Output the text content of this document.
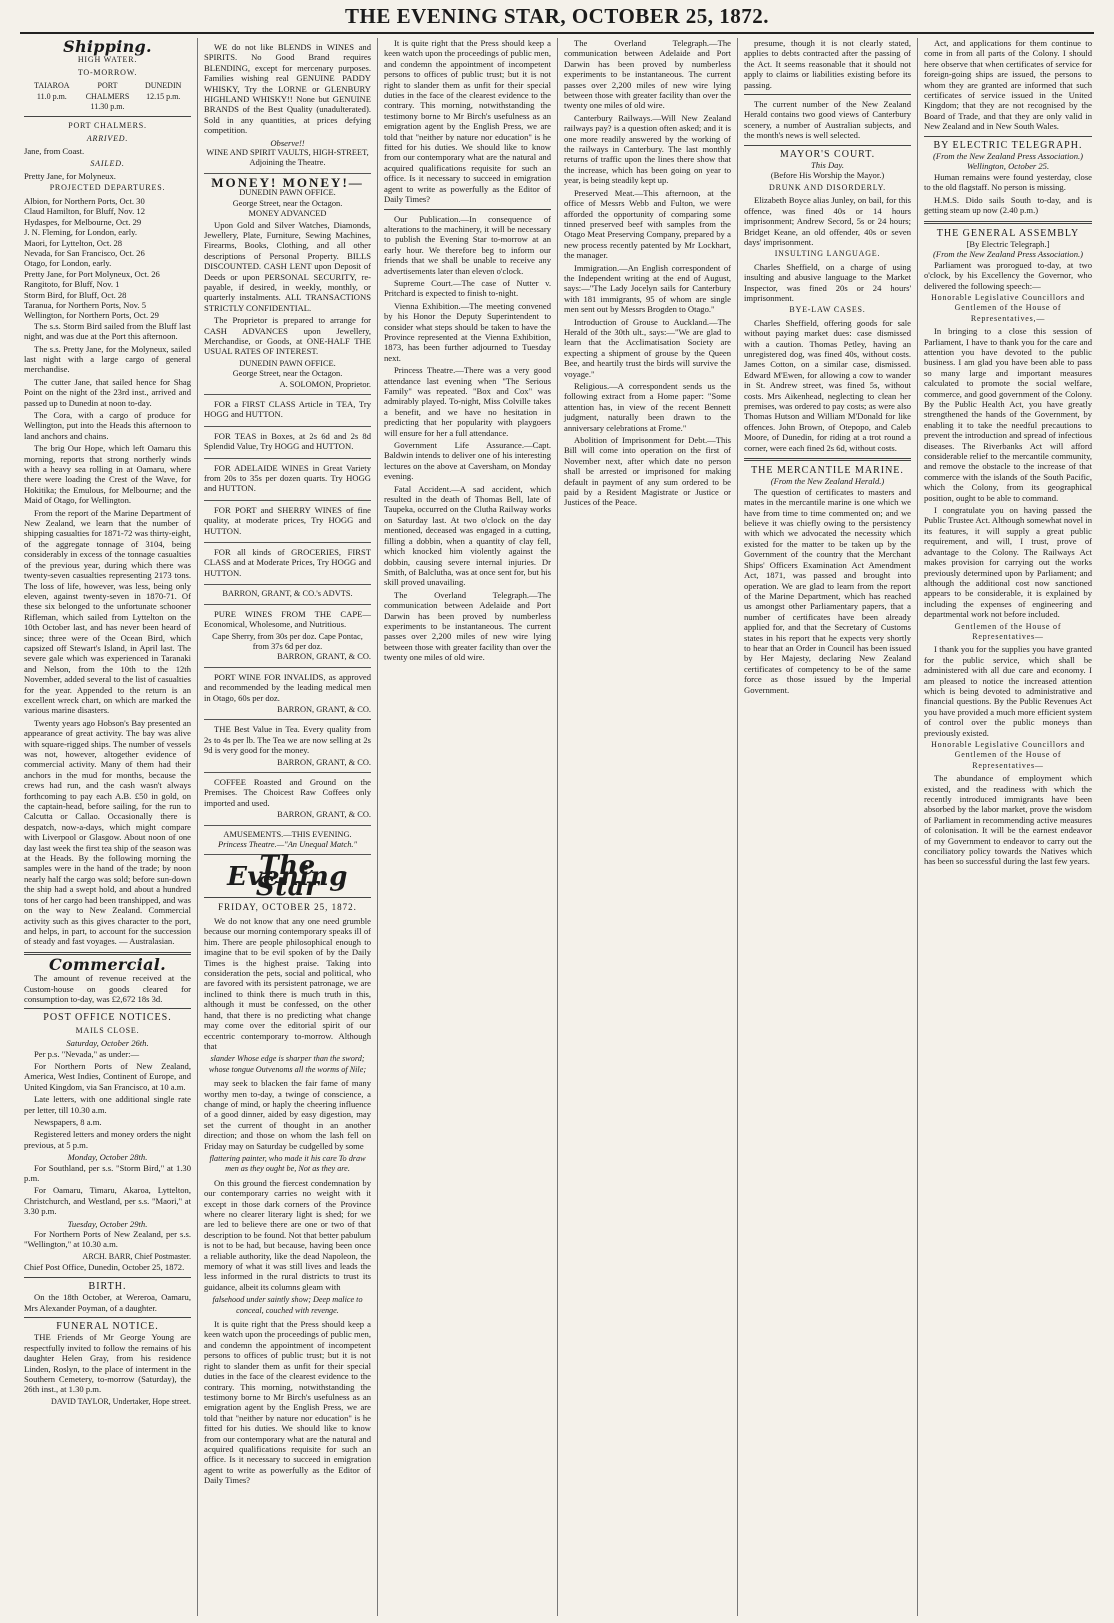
THE EVENING STAR, OCTOBER 25, 1872.
Shipping.
HIGH WATER.
TO-MORROW.
TAIAROA
11.0 p.m.
PORT CHALMERS
11.30 p.m.
DUNEDIN
12.15 p.m.
PORT CHALMERS.
ARRIVED.
Jane, from Coast.
SAILED.
Pretty Jane, for Molyneux.
PROJECTED DEPARTURES.
Albion, for Northern Ports, Oct. 30
Claud Hamilton, for Bluff, Nov. 12
Hydaspes, for Melbourne, Oct. 29
J. N. Fleming, for London, early.
Maori, for Lyttelton, Oct. 28
Nevada, for San Francisco, Oct. 26
Otago, for London, early.
Pretty Jane, for Port Molyneux, Oct. 26
Rangitoto, for Bluff, Nov. 1
Storm Bird, for Bluff, Oct. 28
Taranua, for Northern Ports, Nov. 5
Wellington, for Northern Ports, Oct. 29
The s.s. Storm Bird sailed from the Bluff last night, and was due at the Port this afternoon.
The s.s. Pretty Jane, for the Molyneux, sailed last night with a large cargo of general merchandise.
The cutter Jane, that sailed hence for Shag Point on the night of the 23rd inst., arrived and passed up to Dunedin at noon to-day.
The Cora, with a cargo of produce for Wellington, put into the Heads this afternoon to land anchors and chains.
The brig Our Hope, which left Oamaru this morning, reports that strong northerly winds with a heavy sea rolling in at Oamaru, where there were loading the Crest of the Wave, for Hokitika; the Emulous, for Melbourne; and the Maid of Otago, for Wellington.
From the report of the Marine Department of New Zealand, we learn that the number of shipping casualties for 1871-72 was thirty-eight, of the aggregate tonnage of 3104, being considerably in excess of the tonnage casualties of the previous year, during which there was twenty-seven casualties representing 2173 tons. The loss of life, however, was less, being only eleven, against twenty-seven in 1870-71. Of these six belonged to the unfortunate schooner Rifleman, which sailed from Lyttelton on the 10th October last, and has never been heard of since; three were of the Ocean Bird, which capsized off Stewart's Island, in April last. The severe gale which was experienced in Taranaki and Nelson, from the 10th to the 12th November, added several to the list of casualties for the year. Appended to the return is an excellent wreck chart, on which are marked the various marine disasters.
Twenty years ago Hobson's Bay presented an appearance of great activity. The bay was alive with square-rigged ships. The number of vessels was not, however, altogether evidence of commercial activity. Many of them had their anchors in the mud for months, because the crews had run, and the cash wasn't always forthcoming to pay each A.B. £50 in gold, on the captain-head, before sailing, for the run to Calcutta or Callao. Occasionally there is despatch, now-a-days, which might compare with Liverpool or Glasgow. About noon of one day last week the first tea ship of the season was at the Heads. By the following morning the samples were in the hand of the trade; by noon nearly half the cargo was sold; before sun-down the ship had a swept hold, and about a hundred tons of her cargo had been transhipped, and was on the way to New Zealand. Commercial activity such as this gives character to the port, and helps, in part, to account for the succession of steady and fast voyages. — Australasian.
Commercial.
The amount of revenue received at the Custom-house on goods cleared for consumption to-day, was £2,672 18s 3d.
POST OFFICE NOTICES.
MAILS CLOSE.
Saturday, October 26th.
Per p.s. "Nevada," as under:—
For Northern Ports of New Zealand, America, West Indies, Continent of Europe, and United Kingdom, via San Francisco, at 10 a.m.
Late letters, with one additional single rate per letter, till 10.30 a.m.
Newspapers, 8 a.m.
Registered letters and money orders the night previous, at 5 p.m.
Monday, October 28th.
For Southland, per s.s. "Storm Bird," at 1.30 p.m.
For Oamaru, Timaru, Akaroa, Lyttelton, Christchurch, and Westland, per s.s. "Maori," at 3.30 p.m.
Tuesday, October 29th.
For Northern Ports of New Zealand, per s.s. "Wellington," at 10.30 a.m.
ARCH. BARR, Chief Postmaster.
Chief Post Office, Dunedin, October 25, 1872.
BIRTH.
On the 18th October, at Wereroa, Oamaru, Mrs Alexander Poyman, of a daughter.
FUNERAL NOTICE.
THE Friends of Mr George Young are respectfully invited to follow the remains of his daughter Helen Gray, from his residence Linden, Roslyn, to the place of interment in the Southern Cemetery, to-morrow (Saturday), the 26th inst., at 1.30 p.m.
DAVID TAYLOR, Undertaker, Hope street.
WE do not like BLENDS in WINES and SPIRITS. No Good Brand requires BLENDING, except for mercenary purposes. Families wishing real GENUINE PADDY WHISKY, Try the LORNE or GLENBURY HIGHLAND WHISKY!! None but GENUINE BRANDS of the Best Quality (unadulterated). Sold in any quantities, at prices defying competition.
Observe!!
WINE AND SPIRIT VAULTS, HIGH-STREET, Adjoining the Theatre.
MONEY! MONEY!—
DUNEDIN PAWN OFFICE.
George Street, near the Octagon.
MONEY ADVANCED
Upon Gold and Silver Watches, Diamonds, Jewellery, Plate, Furniture, Sewing Machines, Firearms, Books, Clothing, and all other descriptions of Personal Property. BILLS DISCOUNTED. CASH LENT upon Deposit of Deeds or upon PERSONAL SECURITY, re-payable, if desired, in weekly, monthly, or quarterly instalments. ALL TRANSACTIONS STRICTLY CONFIDENTIAL.
The Proprietor is prepared to arrange for CASH ADVANCES upon Jewellery, Merchandise, or Goods, at ONE-HALF THE USUAL RATES OF INTEREST.
DUNEDIN PAWN OFFICE.
George Street, near the Octagon.
A. SOLOMON, Proprietor.
FOR a FIRST CLASS Article in TEA, Try HOGG and HUTTON.
FOR TEAS in Boxes, at 2s 6d and 2s 8d Splendid Value, Try HOGG and HUTTON.
FOR ADELAIDE WINES in Great Variety from 20s to 35s per dozen quarts. Try HOGG and HUTTON.
FOR PORT and SHERRY WINES of fine quality, at moderate prices, Try HOGG and HUTTON.
FOR all kinds of GROCERIES, FIRST CLASS and at Moderate Prices, Try HOGG and HUTTON.
BARRON, GRANT, & CO.'s ADVTS.
PURE WINES FROM THE CAPE— Economical, Wholesome, and Nutritious.
Cape Sherry, from 30s per doz. Cape Pontac, from 37s 6d per doz.
BARRON, GRANT, & CO.
PORT WINE FOR INVALIDS, as approved and recommended by the leading medical men in Otago, 60s per doz.
BARRON, GRANT, & CO.
THE Best Value in Tea. Every quality from 2s to 4s per lb. The Tea we are now selling at 2s 9d is very good for the money.
BARRON, GRANT, & CO.
COFFEE Roasted and Ground on the Premises. The Choicest Raw Coffees only imported and used.
BARRON, GRANT, & CO.
AMUSEMENTS.—THIS EVENING.
Princess Theatre.—"An Unequal Match."
The Evening Star
FRIDAY, OCTOBER 25, 1872.
We do not know that any one need grumble because our morning contemporary speaks ill of him. There are people philosophical enough to imagine that to be evil spoken of by the Daily Times is the highest praise. Taking into consideration the pets, social and political, who are favored with its persistent patronage, we are inclined to think there is much truth in this, although it must be confessed, on the other hand, that there is no predicting what change may come over the editorial spirit of our eccentric contemporary to-morrow. Although that
slander Whose edge is sharper than the sword; whose tongue Outvenoms all the worms of Nile;
may seek to blacken the fair fame of many worthy men to-day, a twinge of conscience, a change of mind, or haply the cheering influence of a good dinner, aided by easy digestion, may set the current of thought in an another direction; and those on whom the lash fell on Friday may on Saturday be cudgelled by some
flattering painter, who made it his care To draw men as they ought be, Not as they are.
On this ground the fiercest condemnation by our contemporary carries no weight with it except in those dark corners of the Province where no clearer literary light is shed; for we are led to believe there are one or two of that description to be found. Not that better pabulum is not to be had, but because, having been once a reliable authority, like the dead Napoleon, the memory of what it was still lives and leads the less informed in the rural districts to trust its guidance, albeit its columns gleam with
falsehood under saintly show; Deep malice to conceal, couched with revenge.
It is quite right that the Press should keep a keen watch upon the proceedings of public men, and condemn the appointment of incompetent persons to offices of public trust; but it is not right to slander them as unfit for their special duties in the face of the clearest evidence to the contrary. This morning, notwithstanding the testimony borne to Mr Birch's usefulness as an emigration agent by the English Press, we are told that "neither by nature nor education" is he fitted for his duties. We should like to know from our contemporary what are the natural and acquired qualifications requisite for such an office. Is it necessary to succeed in emigration agent to write as powerfully as the Editor of Daily Times?
It is quite right that the Press should keep a keen watch upon the proceedings of public men, and condemn the appointment of incompetent persons to offices of public trust; but it is not right to slander them as unfit for their special duties in the face of the clearest evidence to the contrary. This morning, notwithstanding the testimony borne to Mr Birch's usefulness as an emigration agent by the English Press, we are told that "neither by nature nor education" is he fitted for his duties. We should like to know from our contemporary what are the natural and acquired qualifications requisite for such an office. Is it necessary to succeed in emigration agent to write as powerfully as the Editor of Daily Times?
Our Publication.—In consequence of alterations to the machinery, it will be necessary to publish the Evening Star to-morrow at an early hour. We therefore beg to inform our friends that we shall be unable to receive any advertisements later than eleven o'clock.
Supreme Court.—The case of Nutter v. Pritchard is expected to finish to-night.
Vienna Exhibition.—The meeting convened by his Honor the Deputy Superintendent to consider what steps should be taken to have the Province represented at the Vienna Exhibition, 1873, has been further adjourned to Tuesday next.
Princess Theatre.—There was a very good attendance last evening when "The Serious Family" was repeated. "Box and Cox" was admirably played. To-night, Miss Colville takes a benefit, and we have no hesitation in predicting that her popularity with playgoers will ensure for her a full attendance.
Government Life Assurance.—Capt. Baldwin intends to deliver one of his interesting lectures on the above at Caversham, on Monday evening.
Fatal Accident.—A sad accident, which resulted in the death of Thomas Bell, late of Taupeka, occurred on the Clutha Railway works on Saturday last. At two o'clock on the day mentioned, deceased was engaged in a cutting, filling a dobbin, when a quantity of clay fell, which knocked him violently against the dobbin, causing severe internal injuries. Dr Smith, of Balclutha, was at once sent for, but his skill proved unavailing.
The Overland Telegraph.—The communication between Adelaide and Port Darwin has been proved by numberless experiments to be instantaneous. The current passes over 2,200 miles of new wire lying between those with greater facility than over the twenty one miles of old wire.
The Overland Telegraph.—The communication between Adelaide and Port Darwin has been proved by numberless experiments to be instantaneous. The current passes over 2,200 miles of new wire lying between those with greater facility than over the twenty one miles of old wire.
Canterbury Railways.—Will New Zealand railways pay? is a question often asked; and it is one more readily answered by the working of the railways in Canterbury. The last monthly returns of traffic upon the lines there show that the increase, which has been going on year to year, is being steadily kept up.
Preserved Meat.—This afternoon, at the office of Messrs Webb and Fulton, we were afforded the opportunity of comparing some tinned preserved beef with samples from the Otago Meat Preserving Company, prepared by a new process recently patented by Mr Lockhart, the manager.
Immigration.—An English correspondent of the Independent writing at the end of August, says:—"The Lady Jocelyn sails for Canterbury with 181 immigrants, 95 of whom are single men sent out by Messrs Brogden to Otago."
Introduction of Grouse to Auckland.—The Herald of the 30th ult., says:—"We are glad to learn that the Acclimatisation Society are expecting a shipment of grouse by the Queen Bee, and heartily trust the birds will survive the voyage."
Religious.—A correspondent sends us the following extract from a Home paper: "Some attention has, in view of the recent Bennett judgment, naturally been drawn to the anniversary celebrations at Frome."
Abolition of Imprisonment for Debt.—This Bill will come into operation on the first of November next, after which date no person shall be arrested or imprisoned for making default in payment of any sum ordered to be paid by a Resident Magistrate or Justice or Justices of the Peace.
presume, though it is not clearly stated, applies to debts contracted after the passing of the Act. It seems reasonable that it should not apply to claims or liabilities existing before its passing.
The current number of the New Zealand Herald contains two good views of Canterbury scenery, a number of Australian subjects, and the month's news is well selected.
MAYOR'S COURT.
This Day.
(Before His Worship the Mayor.)
DRUNK AND DISORDERLY.
Elizabeth Boyce alias Junley, on bail, for this offence, was fined 40s or 14 hours imprisonment; Andrew Secord, 5s or 24 hours; Bridget Keane, an old offender, 40s or seven days' imprisonment.
INSULTING LANGUAGE.
Charles Sheffield, on a charge of using insulting and abusive language to the Market Inspector, was fined 20s or 24 hours' imprisonment.
BYE-LAW CASES.
Charles Sheffield, offering goods for sale without paying market dues: case dismissed with a caution. Thomas Petley, having an unregistered dog, was fined 40s, without costs. James Cotton, on a similar case, dismissed. Edward M'Ewen, for allowing a cow to wander in St. Andrew street, was fined 5s, without costs. Mrs Aikenhead, neglecting to clean her premises, was ordered to pay costs; as were also Thomas Hutson and William M'Donald for like offences. John Brown, of Otepopo, and Caleb Moore, of Dunedin, for riding at a trot round a corner, were each fined 2s 6d, without costs.
THE MERCANTILE MARINE.
(From the New Zealand Herald.)
The question of certificates to masters and mates in the mercantile marine is one which we have from time to time commented on; and we believe it was chiefly owing to the persistency with which we advocated the necessity which existed for the matter to be taken up by the Government of the country that the Merchant Ships' Officers Examination Act Amendment Act, 1871, was passed and brought into operation. We are glad to learn from the report of the Marine Department, which has reached us amongst other Parliamentary papers, that a number of certificates have been already applied for, and that the Secretary of Customs states in his report that he expects very shortly to hear that an Order in Council has been issued by Her Majesty, declaring New Zealand certificates of competency to be of the same force as those issued by the Imperial Government.
Act, and applications for them continue to come in from all parts of the Colony. I should here observe that when certificates of service for foreign-going ships are issued, the persons to whom they are granted are informed that such certificates of service issued in the United Kingdom; that they are not recognised by the Board of Trade, and that they are only valid in New Zealand and in New South Wales.
BY ELECTRIC TELEGRAPH.
(From the New Zealand Press Association.)
Wellington, October 25.
Human remains were found yesterday, close to the old flagstaff. No person is missing.
H.M.S. Dido sails South to-day, and is getting steam up now (2.40 p.m.)
THE GENERAL ASSEMBLY
[By Electric Telegraph.]
(From the New Zealand Press Association.)
Parliament was prorogued to-day, at two o'clock, by his Excellency the Governor, who delivered the following speech:—
Honorable Legislative Councillors and Gentlemen of the House of Representatives,—
In bringing to a close this session of Parliament, I have to thank you for the care and attention you have devoted to the public business. I am glad you have been able to pass so many large and important measures calculated to promote the social welfare, commerce, and good government of the Colony. By the Public Health Act, you have greatly strengthened the hands of the Government, by enabling it to take the needful precautions to prevent the introduction and spread of infectious diseases. The Riverbanks Act will afford considerable relief to the mercantile community, and remove the obstacle to the increase of that commerce with the islands of the South Pacific, which the Colony, from its geographical position, ought to be able to command.
I congratulate you on having passed the Public Trustee Act. Although somewhat novel in its features, it will supply a great public requirement, and will, I trust, prove of advantage to the Colony. The Railways Act makes provision for carrying out the works previously determined upon by Parliament; and although the additional cost now sanctioned appears to be considerable, it is explained by including the expenses of engineering and departmental work not before included.
Gentlemen of the House of Representatives—
I thank you for the supplies you have granted for the public service, which shall be administered with all due care and economy. I am pleased to notice the increased attention which is being devoted to administrative and financial questions. By the Public Revenues Act you have provided a much more efficient system of control over the public moneys than previously existed.
Honorable Legislative Councillors and Gentlemen of the House of Representatives—
The abundance of employment which existed, and the readiness with which the recently introduced immigrants have been absorbed by the labor market, prove the wisdom of Parliament in recommending active measures of colonisation. It will be the earnest endeavor of my Government to endeavor to carry out the conciliatory policy towards the Natives which has been so successful during the last few years.
